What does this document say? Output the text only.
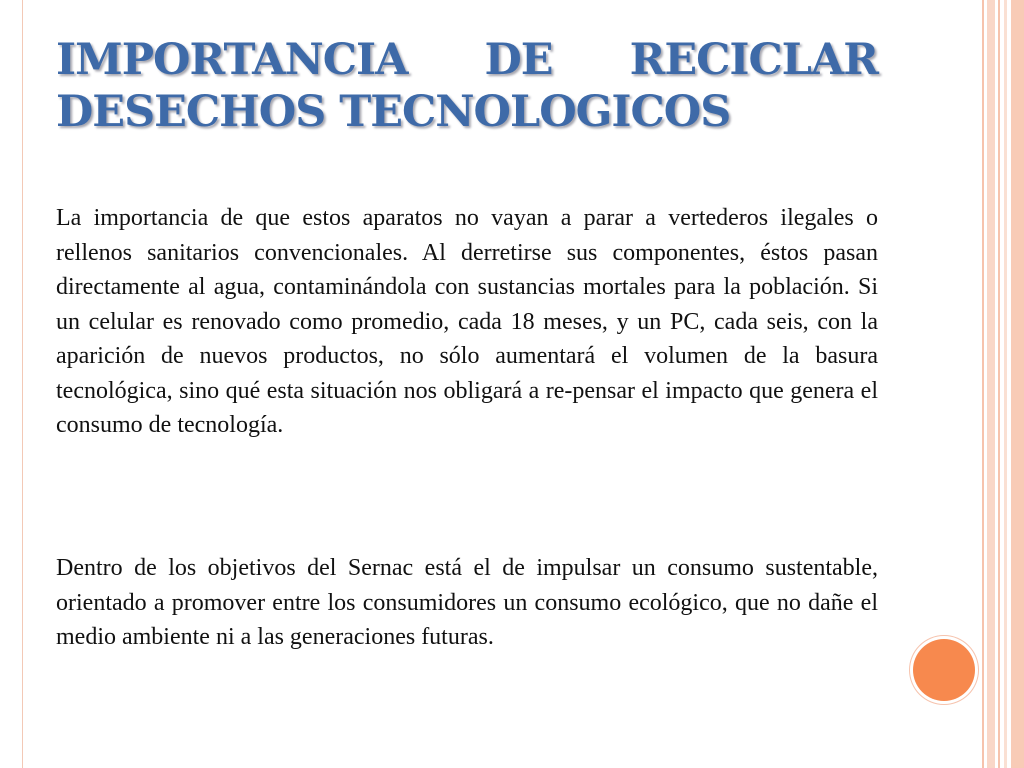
IMPORTANCIA DE RECICLAR DESECHOS TECNOLOGICOS

La importancia de que estos aparatos no vayan a parar a vertederos ilegales o rellenos sanitarios convencionales. Al derretirse sus componentes, éstos pasan directamente al agua, contaminándola con sustancias mortales para la población. Si un celular es renovado como promedio, cada 18 meses, y un PC, cada seis, con la aparición de nuevos productos, no sólo aumentará el volumen de la basura tecnológica, sino qué esta situación nos obligará a re-pensar el impacto que genera el consumo de tecnología.

Dentro de los objetivos del Sernac está el de impulsar un consumo sustentable, orientado a promover entre los consumidores un consumo ecológico, que no dañe el medio ambiente ni a las generaciones futuras.
